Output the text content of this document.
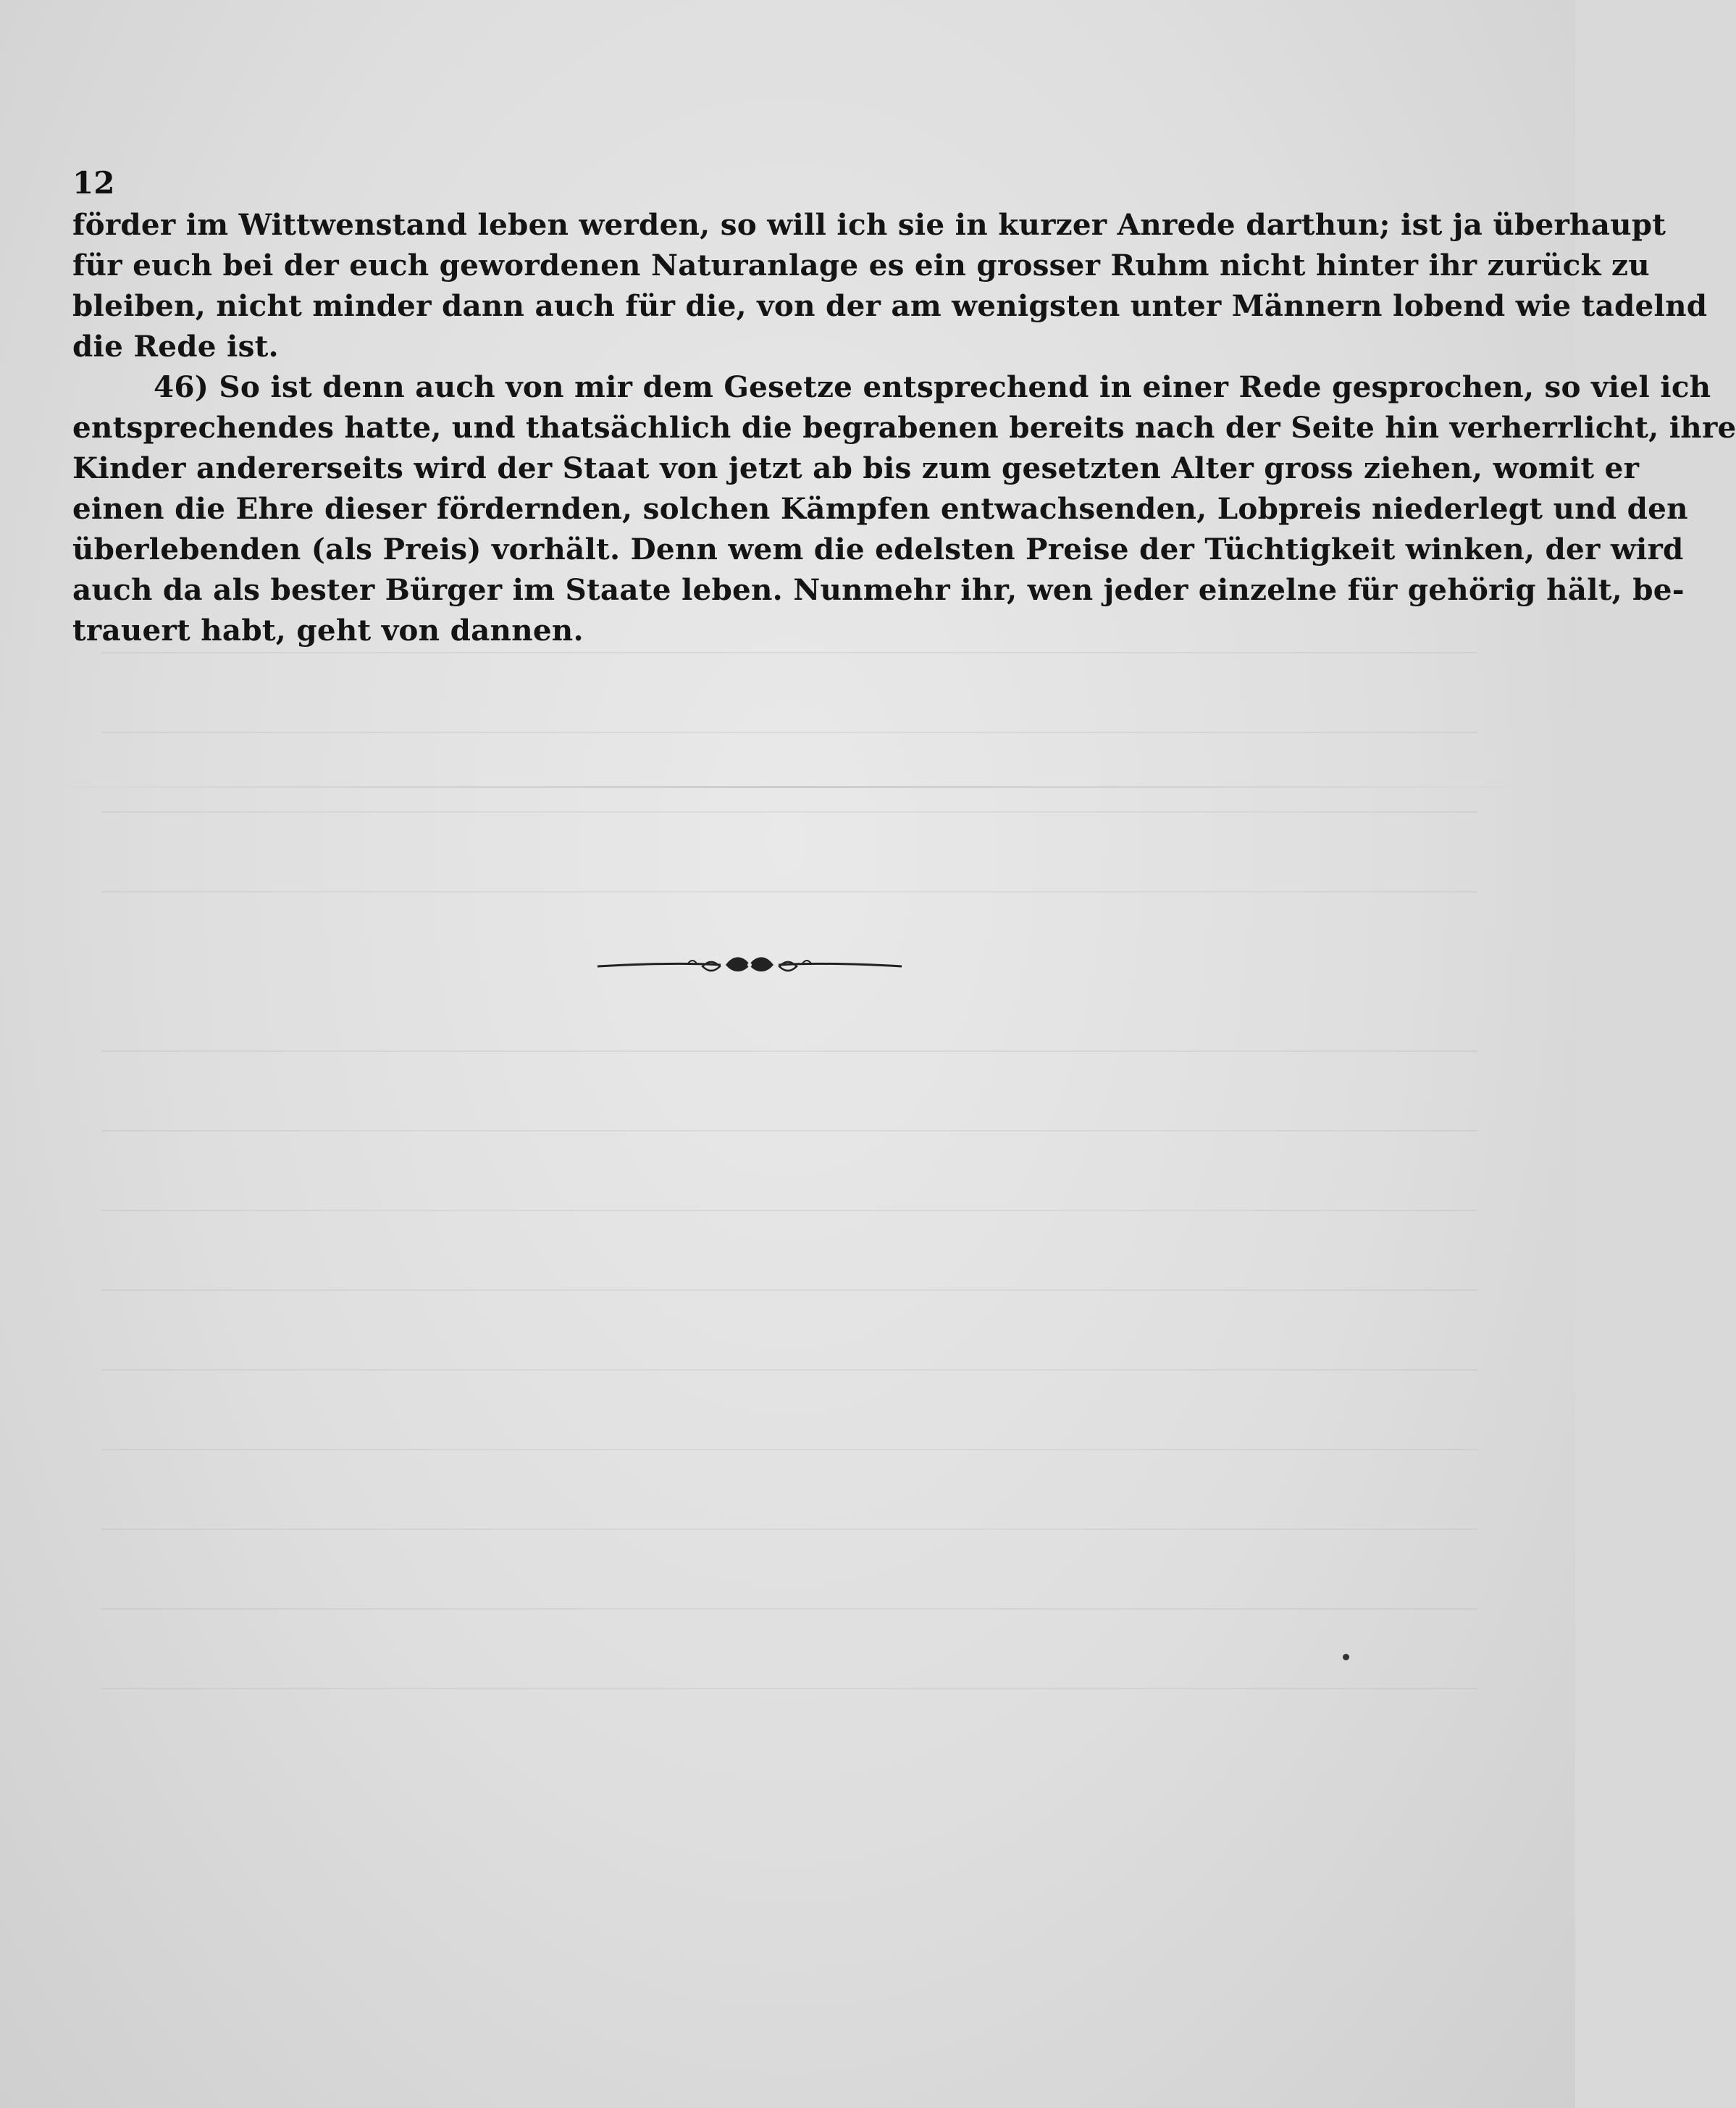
12
förder im Wittwenstand leben werden, so will ich sie in kurzer Anrede darthun; ist ja überhaupt
für euch bei der euch gewordenen Naturanlage es ein grosser Ruhm nicht hinter ihr zurück zu
bleiben, nicht minder dann auch für die, von der am wenigsten unter Männern lobend wie tadelnd
die Rede ist.
46) So ist denn auch von mir dem Gesetze entsprechend in einer Rede gesprochen, so viel ich
entsprechendes hatte, und thatsächlich die begrabenen bereits nach der Seite hin verherrlicht, ihre
Kinder andererseits wird der Staat von jetzt ab bis zum gesetzten Alter gross ziehen, womit er
einen die Ehre dieser fördernden, solchen Kämpfen entwachsenden, Lobpreis niederlegt und den
überlebenden (als Preis) vorhält. Denn wem die edelsten Preise der Tüchtigkeit winken, der wird
auch da als bester Bürger im Staate leben. Nunmehr ihr, wen jeder einzelne für gehörig hält, be-
trauert habt, geht von dannen.
